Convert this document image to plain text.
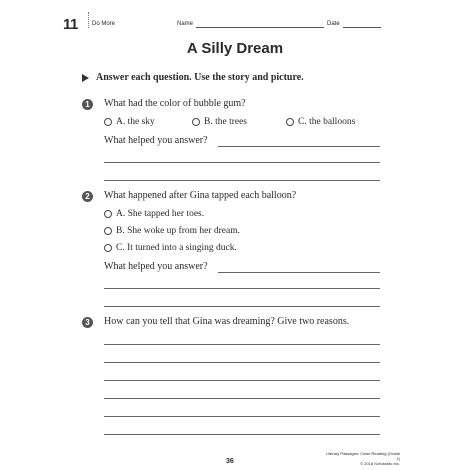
11 Do More	Name	Date
A Silly Dream
Answer each question. Use the story and picture.
1	What had the color of bubble gum?
A. the sky	B. the trees	C. the balloons
What helped you answer?
2	What happened after Gina tapped each balloon?
A. She tapped her toes.
B. She woke up from her dream.
C. It turned into a singing duck.
What helped you answer?
3	How can you tell that Gina was dreaming? Give two reasons.
36
Literary Passages: Close Reading (Grade 1)
© 2018 Scholastic Inc.
